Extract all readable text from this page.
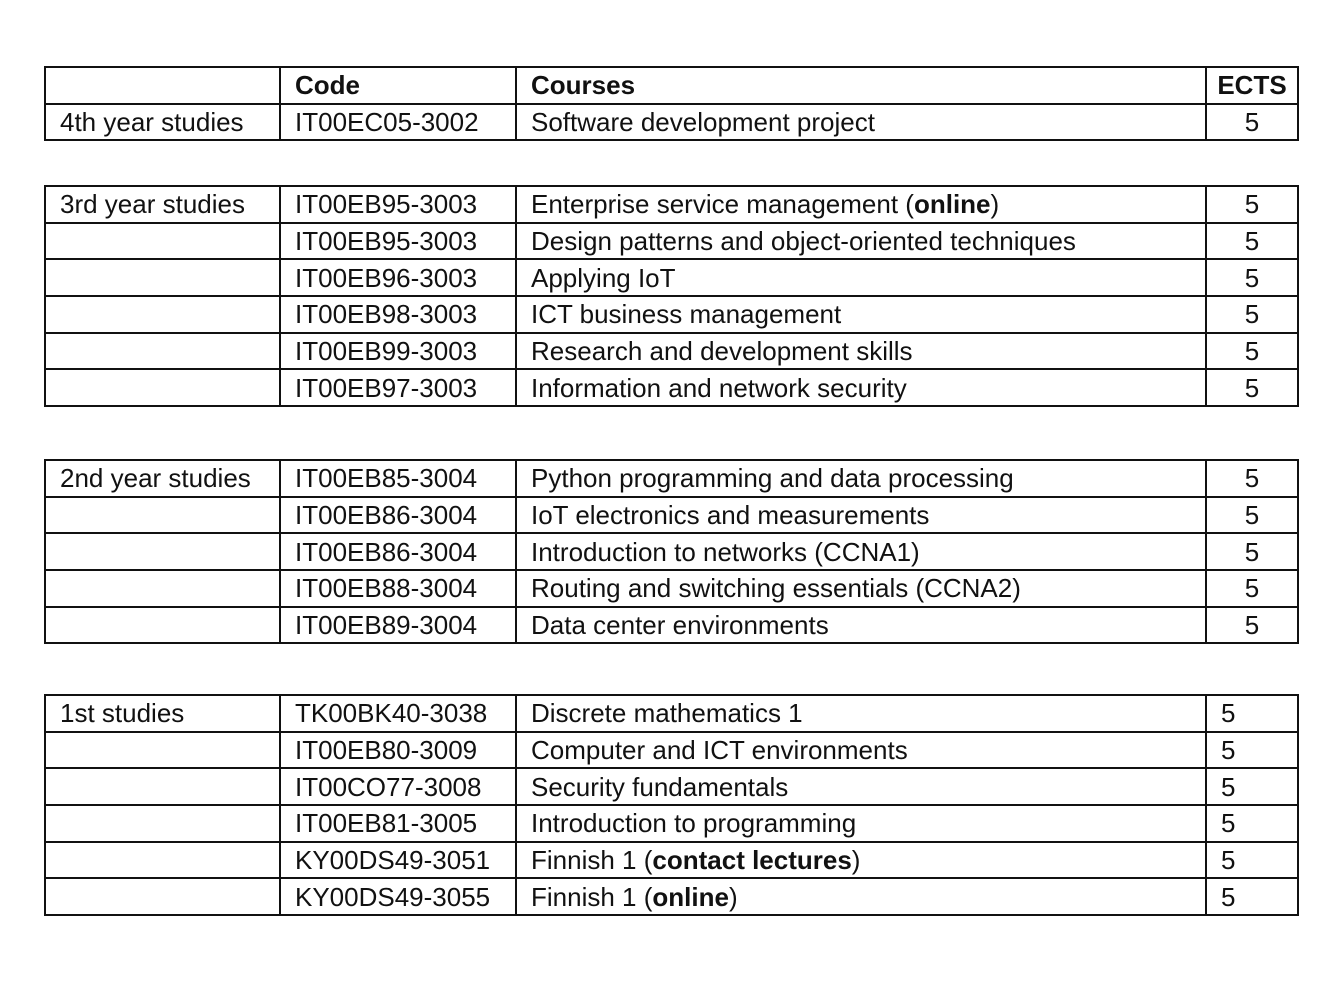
	Code	Courses	ECTS
4th year studies	IT00EC05-3002	Software development project	5
3rd year studies	IT00EB95-3003	Enterprise service management (online)	5
	IT00EB95-3003	Design patterns and object-oriented techniques	5
	IT00EB96-3003	Applying IoT	5
	IT00EB98-3003	ICT business management	5
	IT00EB99-3003	Research and development skills	5
	IT00EB97-3003	Information and network security	5
2nd year studies	IT00EB85-3004	Python programming and data processing	5
	IT00EB86-3004	IoT electronics and measurements	5
	IT00EB86-3004	Introduction to networks (CCNA1)	5
	IT00EB88-3004	Routing and switching essentials (CCNA2)	5
	IT00EB89-3004	Data center environments	5
1st studies	TK00BK40-3038	Discrete mathematics 1	5
	IT00EB80-3009	Computer and ICT environments	5
	IT00CO77-3008	Security fundamentals	5
	IT00EB81-3005	Introduction to programming	5
	KY00DS49-3051	Finnish 1 (contact lectures)	5
	KY00DS49-3055	Finnish 1 (online)	5
